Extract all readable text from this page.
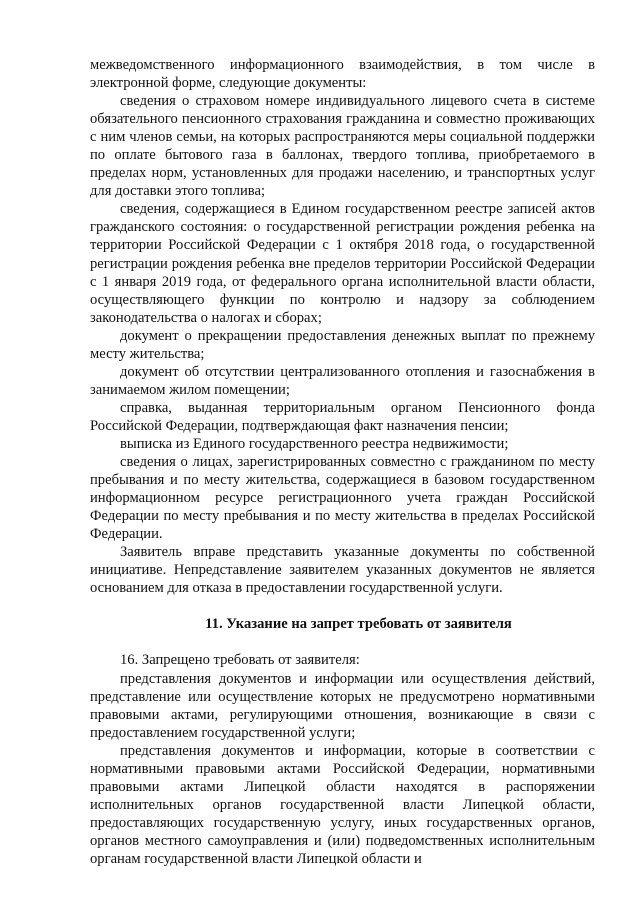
межведомственного информационного взаимодействия, в том числе в электронной форме, следующие документы:

сведения о страховом номере индивидуального лицевого счета в системе обязательного пенсионного страхования гражданина и совместно проживающих с ним членов семьи, на которых распространяются меры социальной поддержки по оплате бытового газа в баллонах, твердого топлива, приобретаемого в пределах норм, установленных для продажи населению, и транспортных услуг для доставки этого топлива;

сведения, содержащиеся в Едином государственном реестре записей актов гражданского состояния: о государственной регистрации рождения ребенка на территории Российской Федерации с 1 октября 2018 года, о государственной регистрации рождения ребенка вне пределов территории Российской Федерации с 1 января 2019 года, от федерального органа исполнительной власти области, осуществляющего функции по контролю и надзору за соблюдением законодательства о налогах и сборах;

документ о прекращении предоставления денежных выплат по прежнему месту жительства;

документ об отсутствии централизованного отопления и газоснабжения в занимаемом жилом помещении;

справка, выданная территориальным органом Пенсионного фонда Российской Федерации, подтверждающая факт назначения пенсии;

выписка из Единого государственного реестра недвижимости;

сведения о лицах, зарегистрированных совместно с гражданином по месту пребывания и по месту жительства, содержащиеся в базовом государственном информационном ресурсе регистрационного учета граждан Российской Федерации по месту пребывания и по месту жительства в пределах Российской Федерации.

Заявитель вправе представить указанные документы по собственной инициативе. Непредставление заявителем указанных документов не является основанием для отказа в предоставлении государственной услуги.

11. Указание на запрет требовать от заявителя

16. Запрещено требовать от заявителя:

представления документов и информации или осуществления действий, представление или осуществление которых не предусмотрено нормативными правовыми актами, регулирующими отношения, возникающие в связи с предоставлением государственной услуги;

представления документов и информации, которые в соответствии с нормативными правовыми актами Российской Федерации, нормативными правовыми актами Липецкой области находятся в распоряжении исполнительных органов государственной власти Липецкой области, предоставляющих государственную услугу, иных государственных органов, органов местного самоуправления и (или) подведомственных исполнительным органам государственной власти Липецкой области и
